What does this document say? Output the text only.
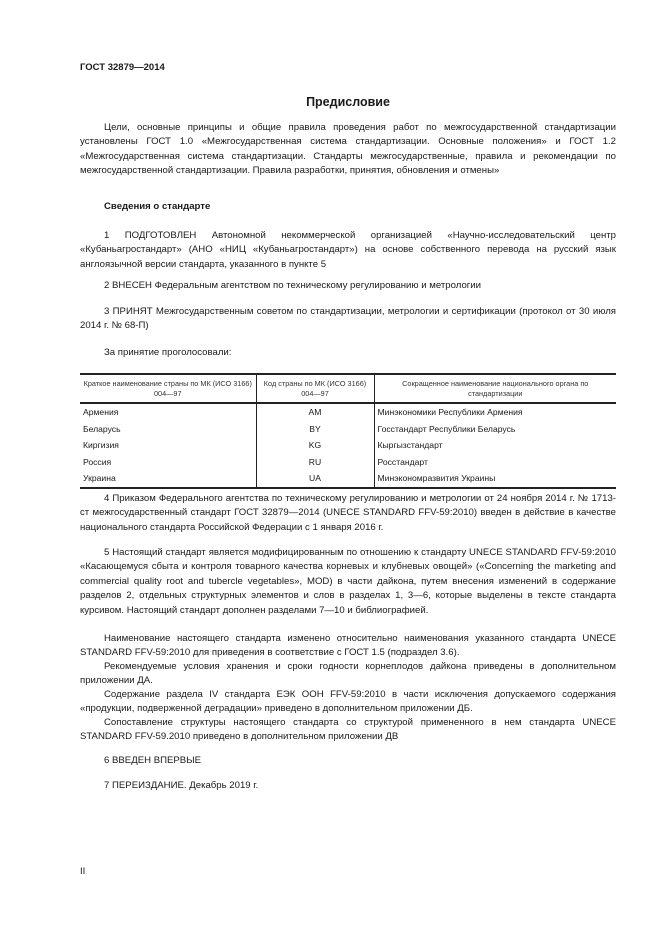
ГОСТ 32879—2014
Предисловие

Цели, основные принципы и общие правила проведения работ по межгосударственной стандартизации установлены ГОСТ 1.0 «Межгосударственная система стандартизации. Основные положения» и ГОСТ 1.2 «Межгосударственная система стандартизации. Стандарты межгосударственные, правила и рекомендации по межгосударственной стандартизации. Правила разработки, принятия, обновления и отмены»

Сведения о стандарте

1 ПОДГОТОВЛЕН Автономной некоммерческой организацией «Научно-исследовательский центр «Кубаньагростандарт» (АНО «НИЦ «Кубаньагростандарт») на основе собственного перевода на русский язык англоязычной версии стандарта, указанного в пункте 5

2 ВНЕСЕН Федеральным агентством по техническому регулированию и метрологии

3 ПРИНЯТ Межгосударственным советом по стандартизации, метрологии и сертификации (протокол от 30 июля 2014 г. № 68-П)

За принятие проголосовали:
Краткое наименование страны по МК (ИСО 3166) 004—97	Код страны по МК (ИСО 3166) 004—97	Сокращенное наименование национального органа по стандартизации
Армения	AM	Минэкономики Республики Армения
Беларусь	BY	Госстандарт Республики Беларусь
Киргизия	KG	Кыргызстандарт
Россия	RU	Росстандарт
Украина	UA	Минэкономразвития Украины

4 Приказом Федерального агентства по техническому регулированию и метрологии от 24 ноября 2014 г. № 1713-ст межгосударственный стандарт ГОСТ 32879—2014 (UNECE STANDARD FFV-59:2010) введен в действие в качестве национального стандарта Российской Федерации с 1 января 2016 г.

5 Настоящий стандарт является модифицированным по отношению к стандарту UNECE STANDARD FFV-59:2010 «Касающемуся сбыта и контроля товарного качества корневых и клубневых овощей» («Concerning the marketing and commercial quality root and tubercle vegetables», MOD) в части дайкона, путем внесения изменений в содержание разделов 2, отдельных структурных элементов и слов в разделах 1, 3—6, которые выделены в тексте стандарта курсивом. Настоящий стандарт дополнен разделами 7—10 и библиографией.

Наименование настоящего стандарта изменено относительно наименования указанного стандарта UNECE STANDARD FFV-59:2010 для приведения в соответствие с ГОСТ 1.5 (подраздел 3.6).

Рекомендуемые условия хранения и сроки годности корнеплодов дайкона приведены в дополнительном приложении ДА.

Содержание раздела IV стандарта ЕЭК ООН FFV-59:2010 в части исключения допускаемого содержания «продукции, подверженной деградации» приведено в дополнительном приложении ДБ.

Сопоставление структуры настоящего стандарта со структурой примененного в нем стандарта UNECE STANDARD FFV-59.2010 приведено в дополнительном приложении ДВ

6 ВВЕДЕН ВПЕРВЫЕ
7 ПЕРЕИЗДАНИЕ. Декабрь 2019 г.
II
